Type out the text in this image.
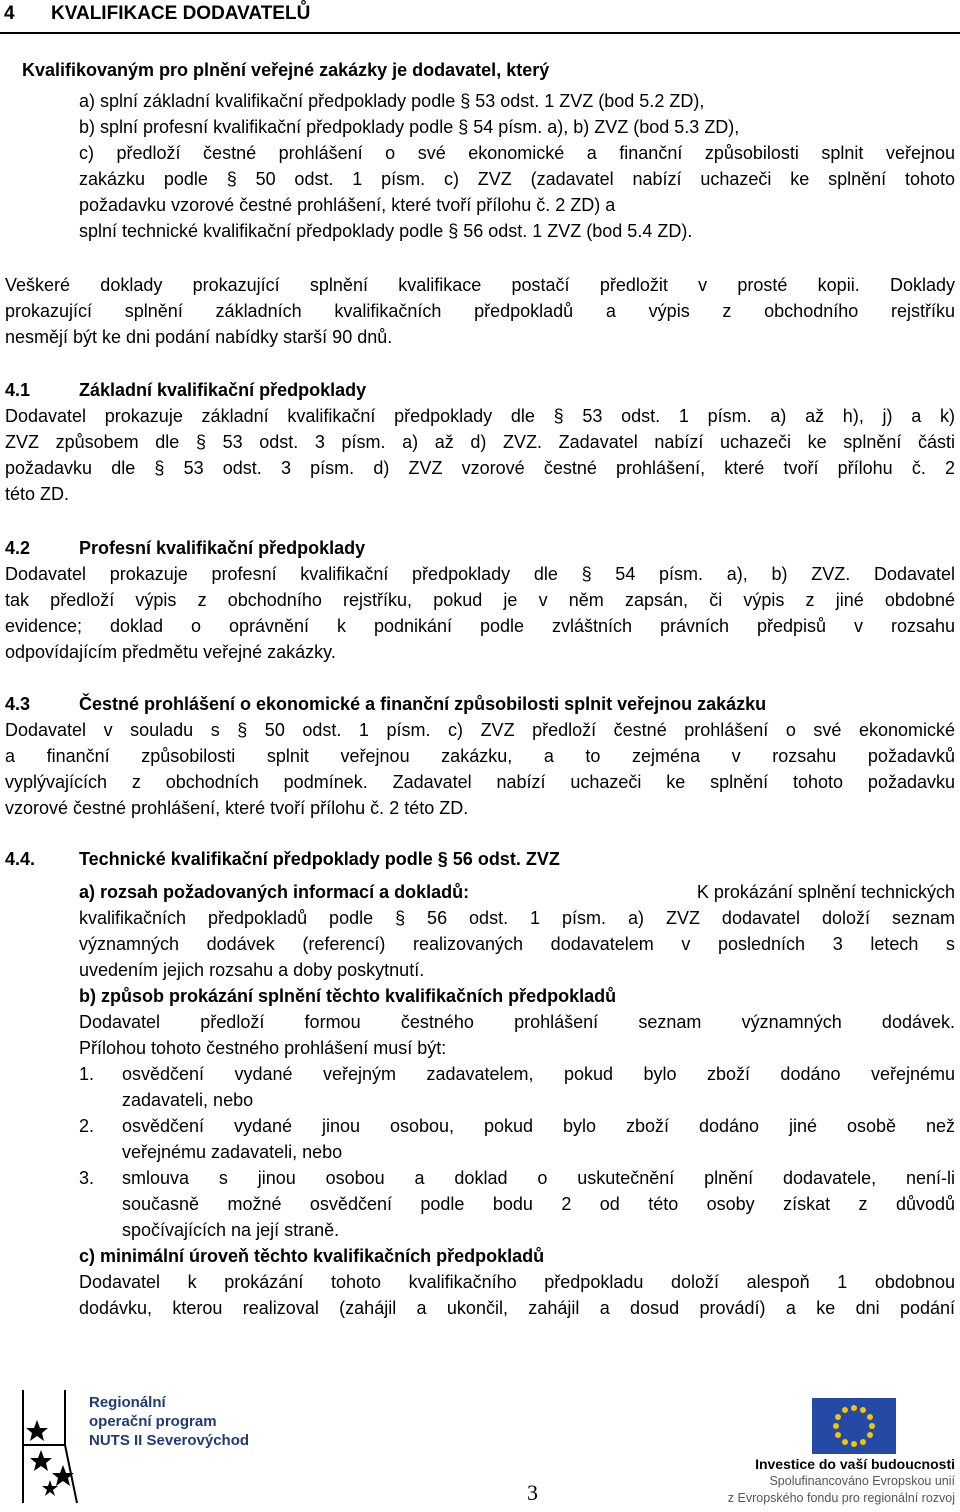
4 KVALIFIKACE DODAVATELŮ
Kvalifikovaným pro plnění veřejné zakázky je dodavatel, který
a) splní základní kvalifikační předpoklady podle § 53 odst. 1 ZVZ (bod 5.2 ZD),
b) splní profesní kvalifikační předpoklady podle § 54 písm. a), b) ZVZ (bod 5.3 ZD),
c) předloží čestné prohlášení o své ekonomické a finanční způsobilosti splnit veřejnou
zakázku podle § 50 odst. 1 písm. c) ZVZ (zadavatel nabízí uchazeči ke splnění tohoto
požadavku vzorové čestné prohlášení, které tvoří přílohu č. 2 ZD) a
splní technické kvalifikační předpoklady podle § 56 odst. 1 ZVZ (bod 5.4 ZD).
Veškeré doklady prokazující splnění kvalifikace postačí předložit v prosté kopii. Doklady
prokazující splnění základních kvalifikačních předpokladů a výpis z obchodního rejstříku
nesmějí být ke dni podání nabídky starší 90 dnů.
4.1	Základní kvalifikační předpoklady
Dodavatel prokazuje základní kvalifikační předpoklady dle § 53 odst. 1 písm. a) až h), j) a k)
ZVZ způsobem dle § 53 odst. 3 písm. a) až d) ZVZ. Zadavatel nabízí uchazeči ke splnění části
požadavku dle § 53 odst. 3 písm. d) ZVZ vzorové čestné prohlášení, které tvoří přílohu č. 2
této ZD.
4.2	Profesní kvalifikační předpoklady
Dodavatel prokazuje profesní kvalifikační předpoklady dle § 54 písm. a), b) ZVZ. Dodavatel
tak předloží výpis z obchodního rejstříku, pokud je v něm zapsán, či výpis z jiné obdobné
evidence; doklad o oprávnění k podnikání podle zvláštních právních předpisů v rozsahu
odpovídajícím předmětu veřejné zakázky.
4.3	Čestné prohlášení o ekonomické a finanční způsobilosti splnit veřejnou zakázku
Dodavatel v souladu s § 50 odst. 1 písm. c) ZVZ předloží čestné prohlášení o své ekonomické
a finanční způsobilosti splnit veřejnou zakázku, a to zejména v rozsahu požadavků
vyplývajících z obchodních podmínek. Zadavatel nabízí uchazeči ke splnění tohoto požadavku
vzorové čestné prohlášení, které tvoří přílohu č. 2 této ZD.
4.4. Technické kvalifikační předpoklady podle § 56 odst. ZVZ
a) rozsah požadovaných informací a dokladů:	K prokázání splnění technických
kvalifikačních předpokladů podle § 56 odst. 1 písm. a) ZVZ dodavatel doloží seznam
významných dodávek (referencí) realizovaných dodavatelem v posledních 3 letech s
uvedením jejich rozsahu a doby poskytnutí.
b) způsob prokázání splnění těchto kvalifikačních předpokladů
Dodavatel předloží formou čestného prohlášení seznam významných dodávek.
Přílohou tohoto čestného prohlášení musí být:
1. osvědčení vydané veřejným zadavatelem, pokud bylo zboží dodáno veřejnému
zadavateli, nebo
2. osvědčení vydané jinou osobou, pokud bylo zboží dodáno jiné osobě než
veřejnému zadavateli, nebo
3. smlouva s jinou osobou a doklad o uskutečnění plnění dodavatele, není-li
současně možné osvědčení podle bodu 2 od této osoby získat z důvodů
spočívajících na její straně.
c) minimální úroveň těchto kvalifikačních předpokladů
Dodavatel k prokázání tohoto kvalifikačního předpokladu doloží alespoň 1 obdobnou
dodávku, kterou realizoval (zahájil a ukončil, zahájil a dosud provádí) a ke dni podání
Regionální
operační program
NUTS II Severovýchod
3
Investice do vaší budoucnosti
Spolufinancováno Evropskou unií
z Evropského fondu pro regionální rozvoj
